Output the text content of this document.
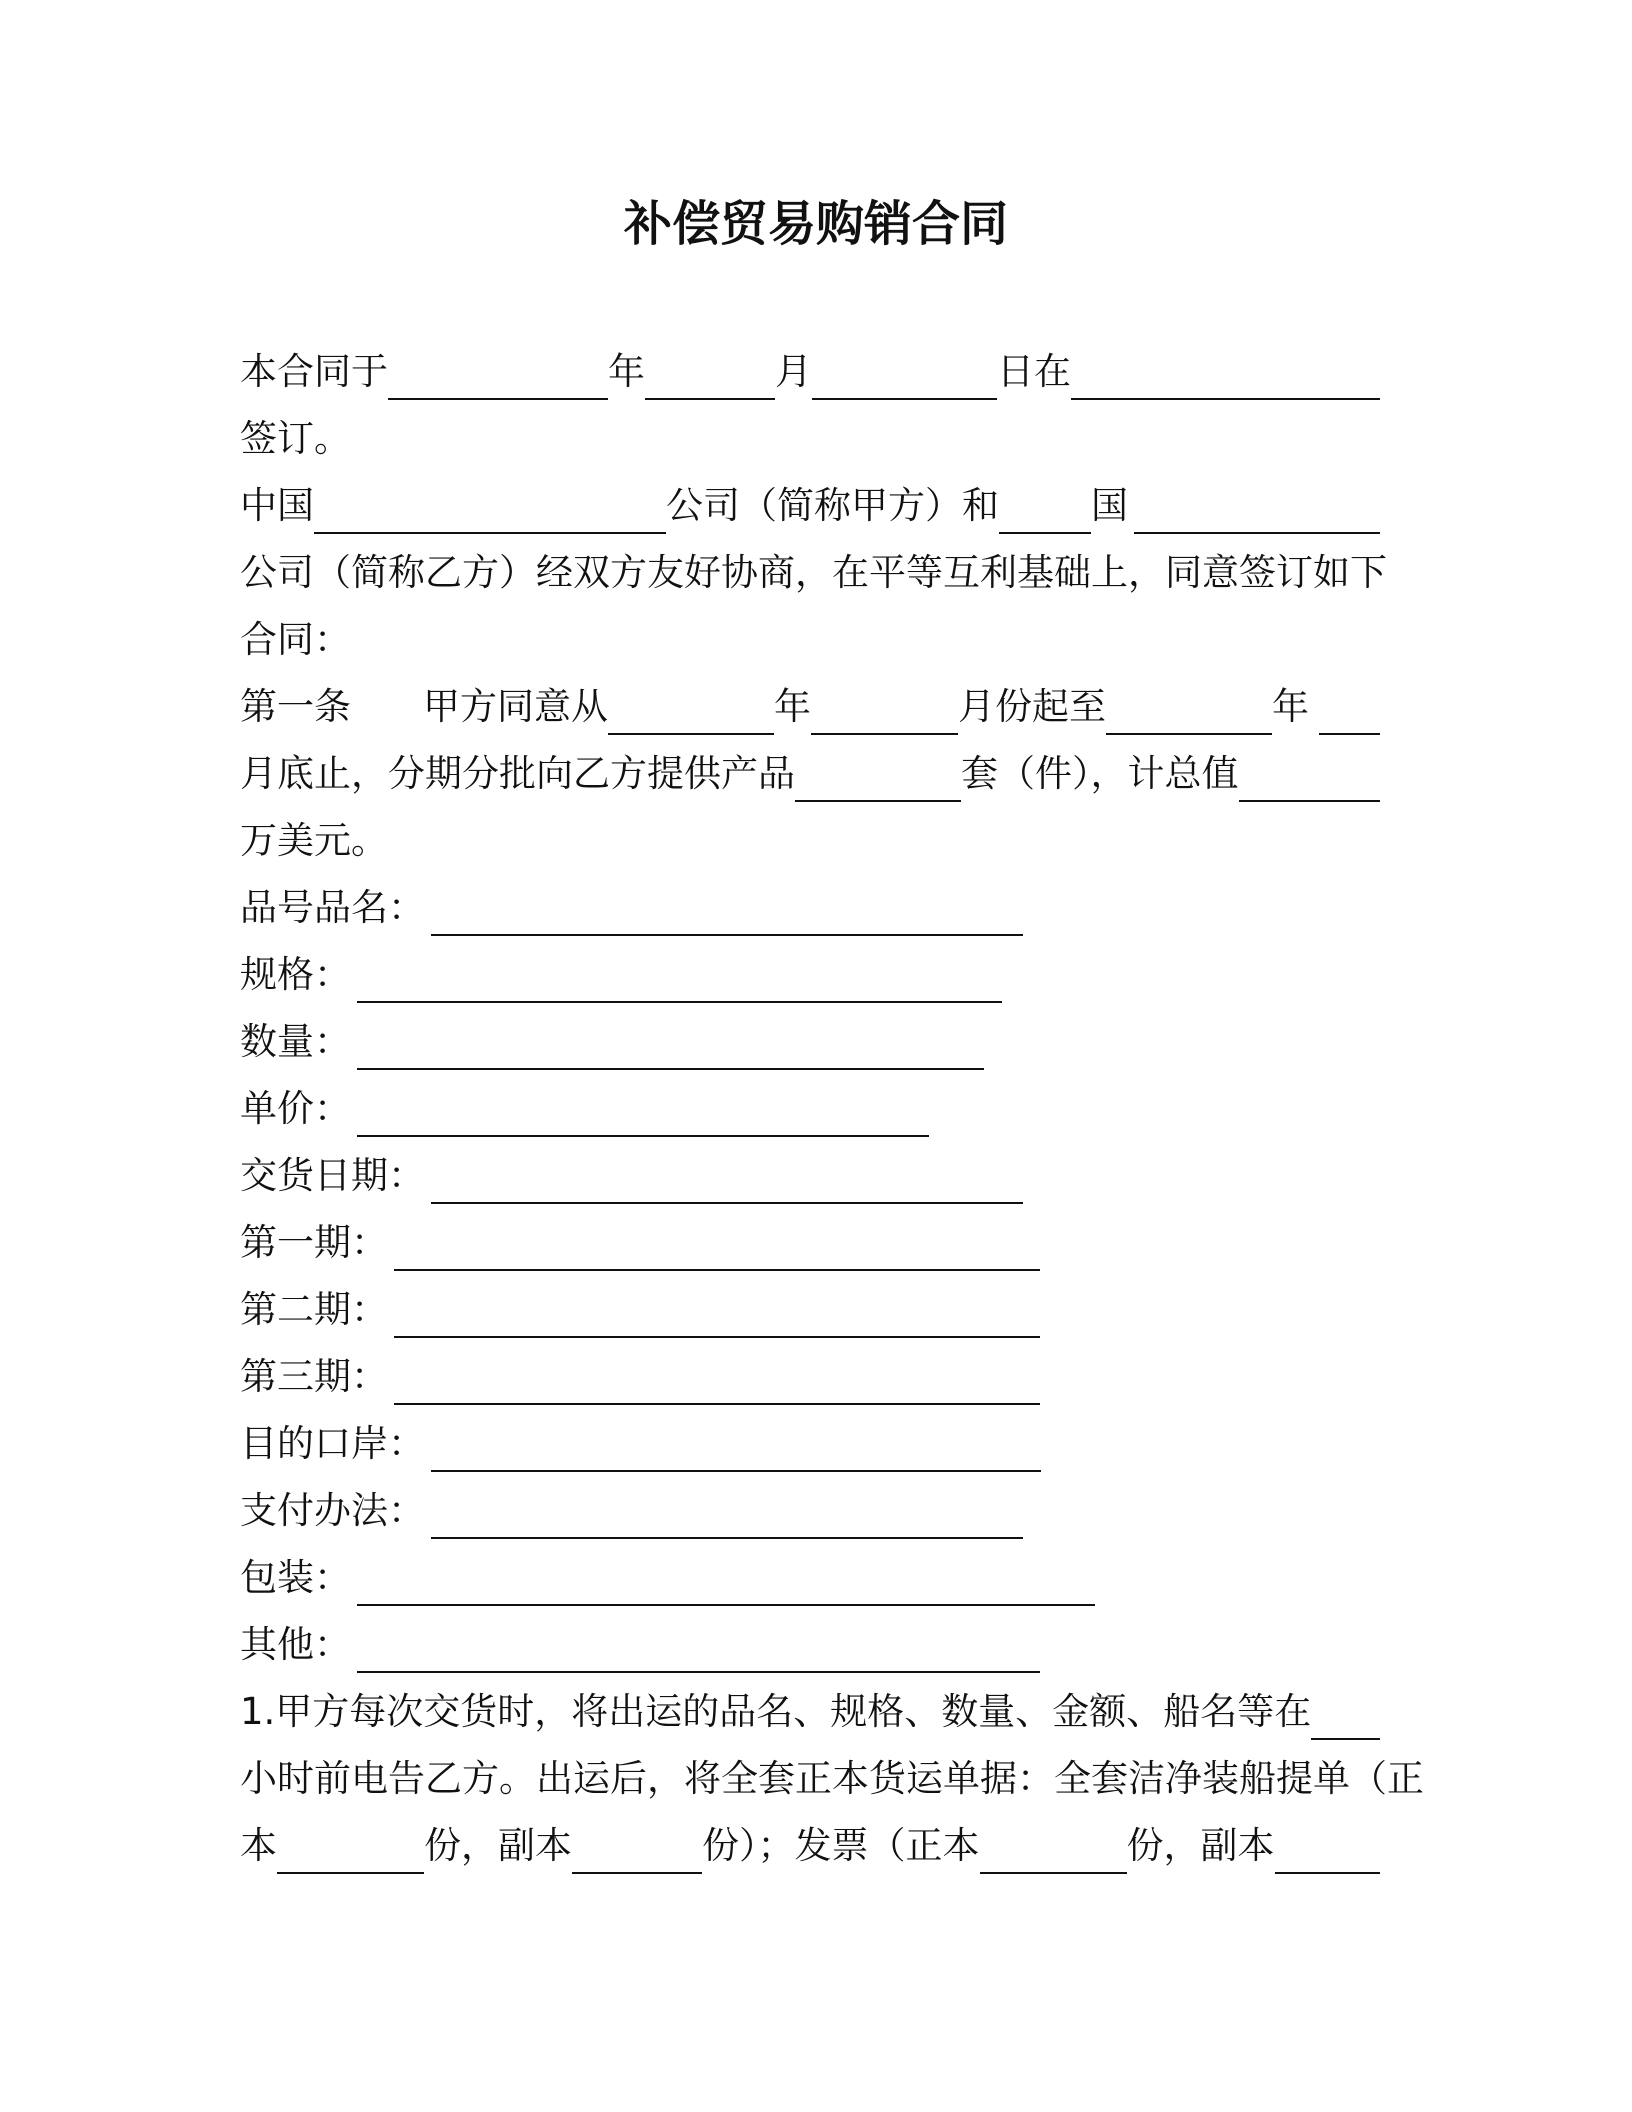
补偿贸易购销合同
本合同于	年	月	日在
签订。
中国	公司（简称甲方）和 国
公司（简称乙方）经双方友好协商，在平等互利基础上，同意签订如下
合同：
第一条 甲方同意从	年	月份起至	年
月底止，分期分批向乙方提供产品	套（件），计总值
万美元。
品号品名：
规格：
数量：
单价：
交货日期：
第一期：
第二期：
第三期：
目的口岸：
支付办法：
包装：
其他：
1.甲方每次交货时，将出运的品名、规格、数量、金额、船名等在
小时前电告乙方。出运后，将全套正本货运单据：全套洁净装船提单（正
本	份，副本	份）；发票（正本	份，副本
